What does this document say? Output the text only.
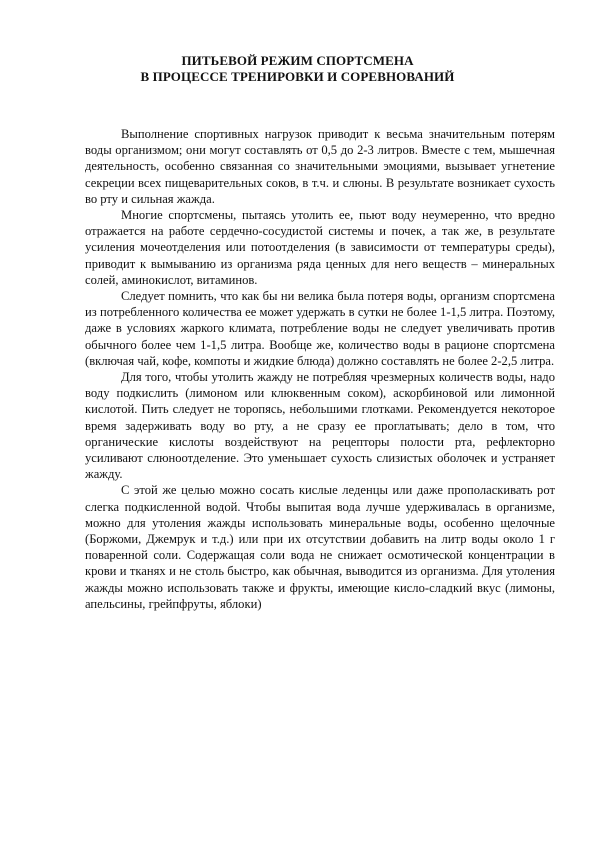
ПИТЬЕВОЙ РЕЖИМ СПОРТСМЕНА
В ПРОЦЕССЕ ТРЕНИРОВКИ И СОРЕВНОВАНИЙ

Выполнение спортивных нагрузок приводит к весьма значительным потерям воды организмом; они могут составлять от 0,5 до 2-3 литров. Вместе с тем, мышечная деятельность, особенно связанная со значительными эмоциями, вызывает угнетение секреции всех пищеварительных соков, в т.ч. и слюны. В результате возникает сухость во рту и сильная жажда.

Многие спортсмены, пытаясь утолить ее, пьют воду неумеренно, что вредно отражается на работе сердечно-сосудистой системы и почек, а так же, в результате усиления мочеотделения или потоотделения (в зависимости от температуры среды), приводит к вымыванию из организма ряда ценных для него веществ – минеральных солей, аминокислот, витаминов.

Следует помнить, что как бы ни велика была потеря воды, организм спортсмена из потребленного количества ее может удержать в сутки не более 1-1,5 литра. Поэтому, даже в условиях жаркого климата, потребление воды не следует увеличивать против обычного более чем 1-1,5 литра. Вообще же, количество воды в рационе спортсмена (включая чай, кофе, компоты и жидкие блюда) должно составлять не более 2-2,5 литра.

Для того, чтобы утолить жажду не потребляя чрезмерных количеств воды, надо воду подкислить (лимоном или клюквенным соком), аскорбиновой или лимонной кислотой. Пить следует не торопясь, небольшими глотками. Рекомендуется некоторое время задерживать воду во рту, а не сразу ее проглатывать; дело в том, что органические кислоты воздействуют на рецепторы полости рта, рефлекторно усиливают слюноотделение. Это уменьшает сухость слизистых оболочек и устраняет жажду.

С этой же целью можно сосать кислые леденцы или даже прополаскивать рот слегка подкисленной водой. Чтобы выпитая вода лучше удерживалась в организме, можно для утоления жажды использовать минеральные воды, особенно щелочные (Боржоми, Джемрук и т.д.) или при их отсутствии добавить на литр воды около 1 г поваренной соли. Содержащая соли вода не снижает осмотической концентрации в крови и тканях и не столь быстро, как обычная, выводится из организма. Для утоления жажды можно использовать также и фрукты, имеющие кисло-сладкий вкус (лимоны, апельсины, грейпфруты, яблоки)
